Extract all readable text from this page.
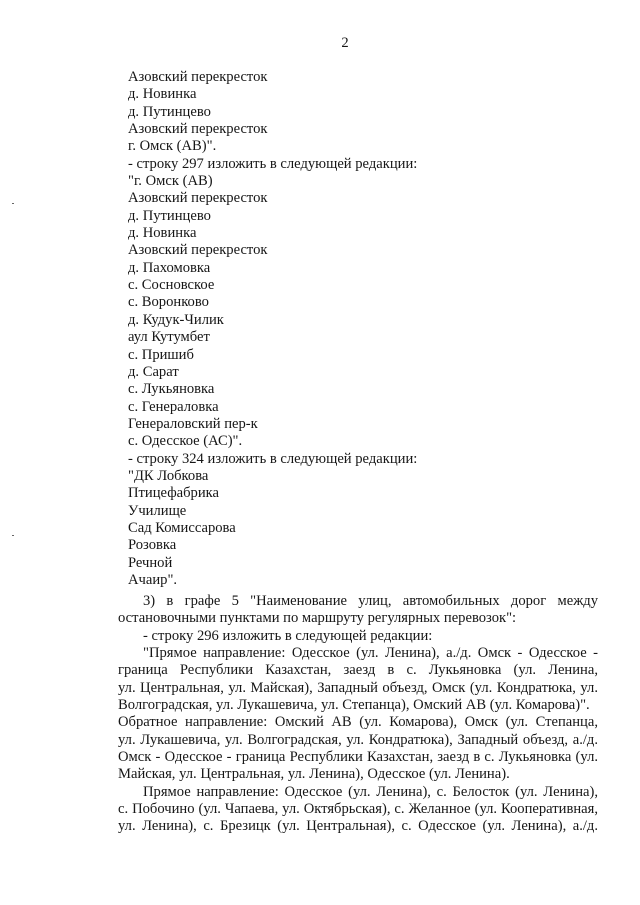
2
Азовский перекресток
д. Новинка
д. Путинцево
Азовский перекресток
г. Омск (АВ)".
- строку 297 изложить в следующей редакции:
"г. Омск (АВ)
Азовский перекресток
д. Путинцево
д. Новинка
Азовский перекресток
д. Пахомовка
с. Сосновское
с. Воронково
д. Кудук-Чилик
аул Кутумбет
с. Пришиб
д. Сарат
с. Лукьяновка
с. Генераловка
Генераловский пер-к
с. Одесское (АС)".
- строку 324 изложить в следующей редакции:
"ДК Лобкова
Птицефабрика
Училище
Сад Комиссарова
Розовка
Речной
Ачаир".
3) в графе 5 "Наименование улиц, автомобильных дорог между
остановочными пунктами по маршруту регулярных перевозок":
- строку 296 изложить в следующей редакции:
"Прямое направление: Одесское (ул. Ленина), а./д. Омск - Одесское -
граница Республики Казахстан, заезд в с. Лукьяновка (ул. Ленина,
ул. Центральная, ул. Майская), Западный объезд, Омск (ул. Кондратюка, ул.
Волгоградская, ул. Лукашевича, ул. Степанца), Омский АВ (ул. Комарова)".
Обратное направление: Омский АВ (ул. Комарова), Омск (ул. Степанца,
ул. Лукашевича, ул. Волгоградская, ул. Кондратюка), Западный объезд, а./д.
Омск - Одесское - граница Республики Казахстан, заезд в с. Лукьяновка (ул.
Майская, ул. Центральная, ул. Ленина), Одесское (ул. Ленина).
Прямое направление: Одесское (ул. Ленина), с. Белосток (ул. Ленина),
с. Побочино (ул. Чапаева, ул. Октябрьская), с. Желанное (ул. Кооперативная,
ул. Ленина), с. Брезицк (ул. Центральная), с. Одесское (ул. Ленина), а./д.
